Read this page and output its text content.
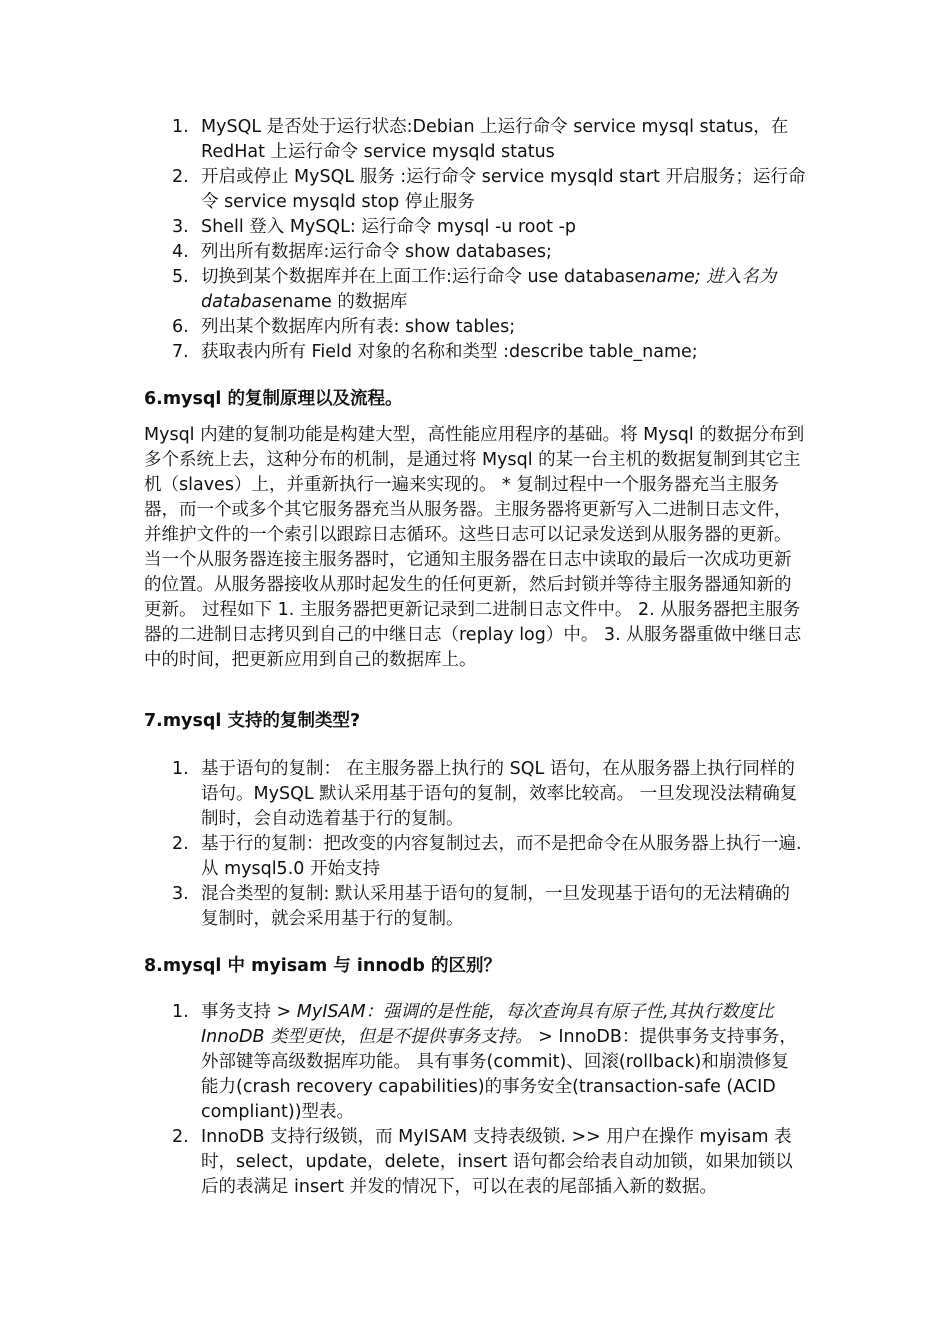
1. MySQL 是否处于运行状态:Debian 上运行命令 service mysql status，在 RedHat 上运行命令 service mysqld status
2. 开启或停止 MySQL 服务 :运行命令 service mysqld start 开启服务；运行命令 service mysqld stop 停止服务
3. Shell 登入 MySQL: 运行命令 mysql -u root -p
4. 列出所有数据库:运行命令 show databases;
5. 切换到某个数据库并在上面工作:运行命令 use databasename; 进入名为 databasename 的数据库
6. 列出某个数据库内所有表: show tables;
7. 获取表内所有 Field 对象的名称和类型 :describe table_name;
6.mysql 的复制原理以及流程。
Mysql 内建的复制功能是构建大型，高性能应用程序的基础。将 Mysql 的数据分布到多个系统上去，这种分布的机制，是通过将 Mysql 的某一台主机的数据复制到其它主机（slaves）上，并重新执行一遍来实现的。 * 复制过程中一个服务器充当主服务器，而一个或多个其它服务器充当从服务器。主服务器将更新写入二进制日志文件，并维护文件的一个索引以跟踪日志循环。这些日志可以记录发送到从服务器的更新。 当一个从服务器连接主服务器时，它通知主服务器在日志中读取的最后一次成功更新的位置。从服务器接收从那时起发生的任何更新，然后封锁并等待主服务器通知新的更新。 过程如下 1. 主服务器把更新记录到二进制日志文件中。 2. 从服务器把主服务器的二进制日志拷贝到自己的中继日志（replay log）中。 3. 从服务器重做中继日志中的时间，把更新应用到自己的数据库上。
7.mysql 支持的复制类型?
1. 基于语句的复制： 在主服务器上执行的 SQL 语句，在从服务器上执行同样的语句。MySQL 默认采用基于语句的复制，效率比较高。 一旦发现没法精确复制时，会自动选着基于行的复制。
2. 基于行的复制：把改变的内容复制过去，而不是把命令在从服务器上执行一遍. 从 mysql5.0 开始支持
3. 混合类型的复制: 默认采用基于语句的复制，一旦发现基于语句的无法精确的复制时，就会采用基于行的复制。
8.mysql 中 myisam 与 innodb 的区别？
1. 事务支持 > MyISAM：强调的是性能，每次查询具有原子性,其执行数度比 InnoDB 类型更快，但是不提供事务支持。 > InnoDB：提供事务支持事务，外部键等高级数据库功能。 具有事务(commit)、回滚(rollback)和崩溃修复能力(crash recovery capabilities)的事务安全(transaction-safe (ACID compliant))型表。
2. InnoDB 支持行级锁，而 MyISAM 支持表级锁. >> 用户在操作 myisam 表时，select，update，delete，insert 语句都会给表自动加锁，如果加锁以后的表满足 insert 并发的情况下，可以在表的尾部插入新的数据。
